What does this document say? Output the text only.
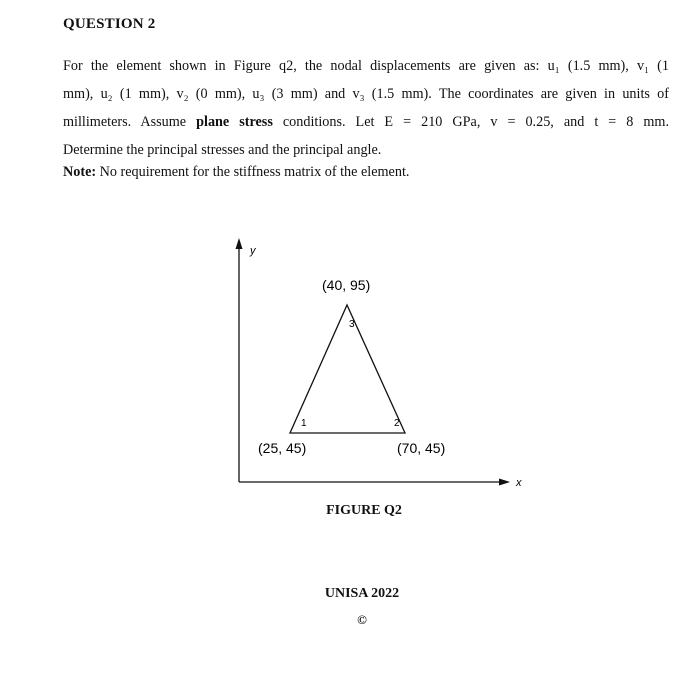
QUESTION 2
For the element shown in Figure q2, the nodal displacements are given as: u₁ (1.5 mm), v₁ (1
mm), u₂ (1 mm), v₂ (0 mm), u₃ (3 mm) and v₃ (1.5 mm). The coordinates are given in units of
millimeters. Assume plane stress conditions. Let E = 210 GPa, v = 0.25, and t = 8 mm.
Determine the principal stresses and the principal angle.
Note: No requirement for the stiffness matrix of the element.
y
x
1	2
3
(40, 95)
(25, 45)	(70, 45)
FIGURE Q2
UNISA 2022
©
